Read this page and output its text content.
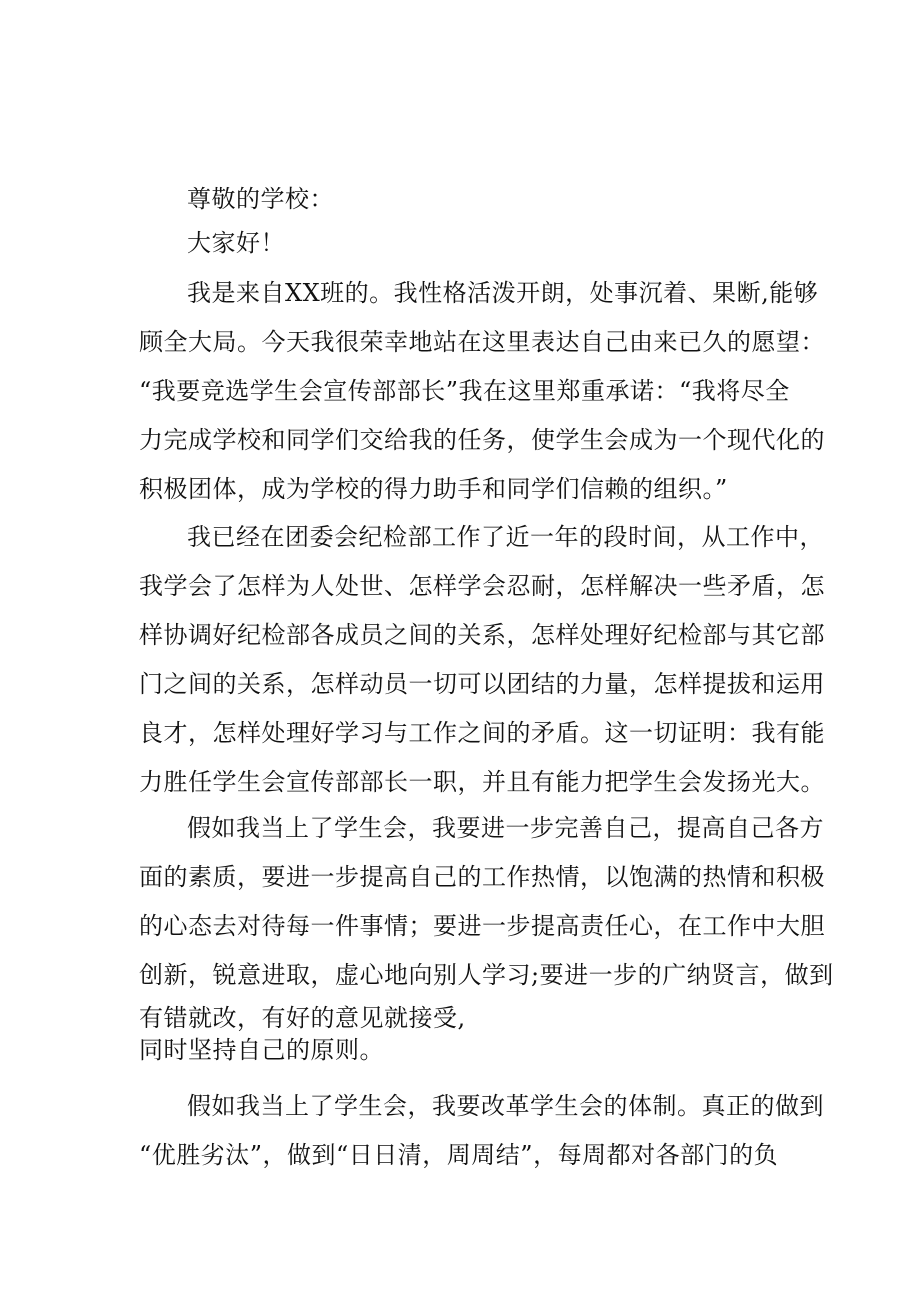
尊敬的学校：
大家好！
我是来自XX班的。我性格活泼开朗，处事沉着、果断,能够
顾全大局。今天我很荣幸地站在这里表达自己由来已久的愿望：
“我要竞选学生会宣传部部长”我在这里郑重承诺：“我将尽全
力完成学校和同学们交给我的任务，使学生会成为一个现代化的
积极团体，成为学校的得力助手和同学们信赖的组织。”
我已经在团委会纪检部工作了近一年的段时间，从工作中，
我学会了怎样为人处世、怎样学会忍耐，怎样解决一些矛盾，怎
样协调好纪检部各成员之间的关系，怎样处理好纪检部与其它部
门之间的关系，怎样动员一切可以团结的力量，怎样提拔和运用
良才，怎样处理好学习与工作之间的矛盾。这一切证明：我有能
力胜任学生会宣传部部长一职，并且有能力把学生会发扬光大。
假如我当上了学生会，我要进一步完善自己，提高自己各方
面的素质，要进一步提高自己的工作热情，以饱满的热情和积极
的心态去对待每一件事情；要进一步提高责任心，在工作中大胆
创新，锐意进取，虚心地向别人学习;要进一步的广纳贤言，做到
有错就改，有好的意见就接受,
同时坚持自己的原则。
假如我当上了学生会，我要改革学生会的体制。真正的做到
“优胜劣汰”，做到“日日清，周周结”，每周都对各部门的负
